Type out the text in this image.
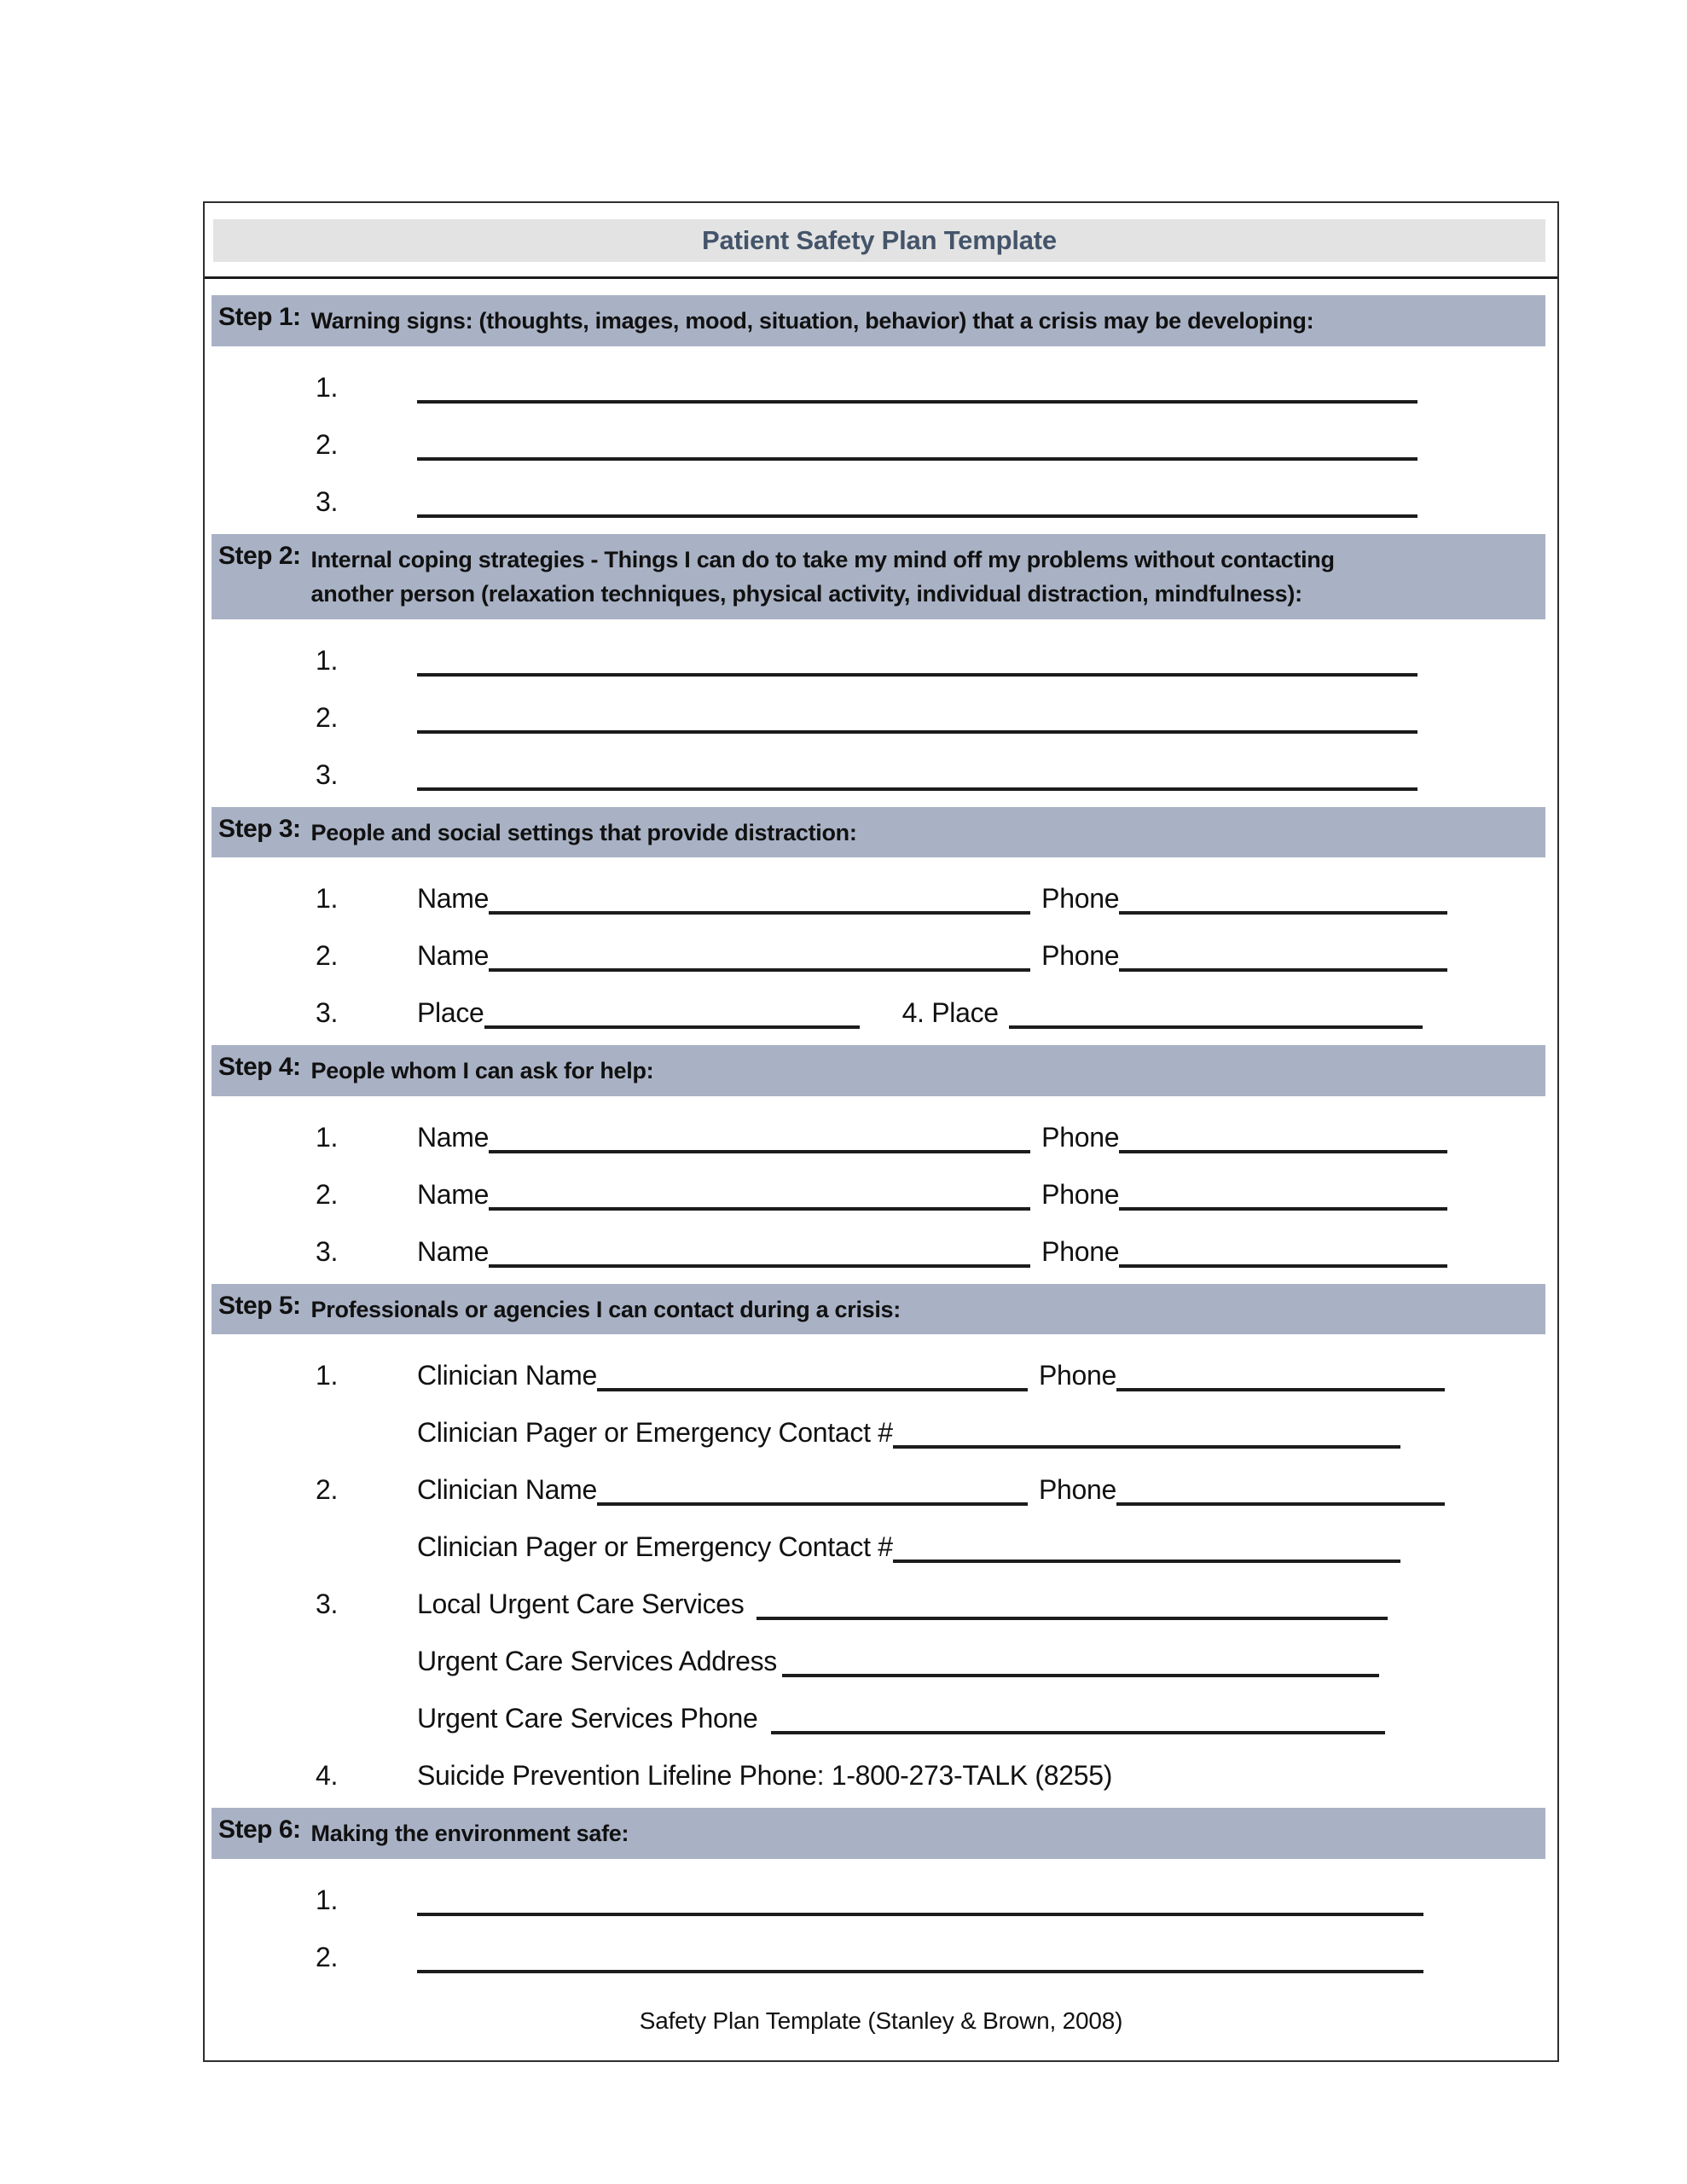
Patient Safety Plan Template
Step 1: Warning signs: (thoughts, images, mood, situation, behavior) that a crisis may be developing:
1.
2.
3.
Step 2: Internal coping strategies - Things I can do to take my mind off my problems without contacting
another person (relaxation techniques, physical activity, individual distraction, mindfulness):
1.
2.
3.
Step 3: People and social settings that provide distraction:
1.	Name	Phone
2.	Name	Phone
3.	Place	4. Place
Step 4: People whom I can ask for help:
1.	Name	Phone
2.	Name	Phone
3.	Name	Phone
Step 5: Professionals or agencies I can contact during a crisis:
1.	Clinician Name	Phone
Clinician Pager or Emergency Contact #
2.	Clinician Name	Phone
Clinician Pager or Emergency Contact #
3.	Local Urgent Care Services
Urgent Care Services Address
Urgent Care Services Phone
4.	Suicide Prevention Lifeline Phone: 1-800-273-TALK (8255)
Step 6: Making the environment safe:
1.
2.
Safety Plan Template (Stanley & Brown, 2008)
